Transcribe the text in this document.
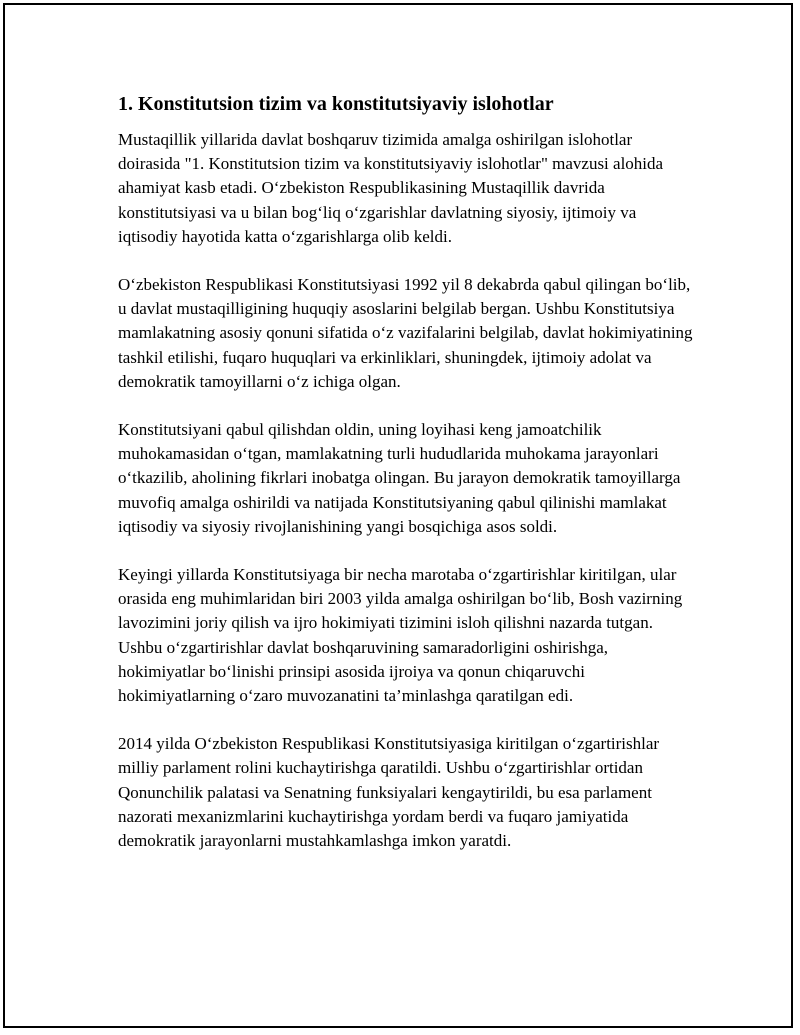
1. Konstitutsion tizim va konstitutsiyaviy islohotlar

Mustaqillik yillarida davlat boshqaruv tizimida amalga oshirilgan islohotlar doirasida "1. Konstitutsion tizim va konstitutsiyaviy islohotlar" mavzusi alohida ahamiyat kasb etadi. O‘zbekiston Respublikasining Mustaqillik davrida konstitutsiyasi va u bilan bog‘liq o‘zgarishlar davlatning siyosiy, ijtimoiy va iqtisodiy hayotida katta o‘zgarishlarga olib keldi.

O‘zbekiston Respublikasi Konstitutsiyasi 1992 yil 8 dekabrda qabul qilingan bo‘lib, u davlat mustaqilligining huquqiy asoslarini belgilab bergan. Ushbu Konstitutsiya mamlakatning asosiy qonuni sifatida o‘z vazifalarini belgilab, davlat hokimiyatining tashkil etilishi, fuqaro huquqlari va erkinliklari, shuningdek, ijtimoiy adolat va demokratik tamoyillarni o‘z ichiga olgan.

Konstitutsiyani qabul qilishdan oldin, uning loyihasi keng jamoatchilik muhokamasidan o‘tgan, mamlakatning turli hududlarida muhokama jarayonlari o‘tkazilib, aholining fikrlari inobatga olingan. Bu jarayon demokratik tamoyillarga muvofiq amalga oshirildi va natijada Konstitutsiyaning qabul qilinishi mamlakat iqtisodiy va siyosiy rivojlanishining yangi bosqichiga asos soldi.

Keyingi yillarda Konstitutsiyaga bir necha marotaba o‘zgartirishlar kiritilgan, ular orasida eng muhimlaridan biri 2003 yilda amalga oshirilgan bo‘lib, Bosh vazirning lavozimini joriy qilish va ijro hokimiyati tizimini isloh qilishni nazarda tutgan. Ushbu o‘zgartirishlar davlat boshqaruvining samaradorligini oshirishga, hokimiyatlar bo‘linishi prinsipi asosida ijroiya va qonun chiqaruvchi hokimiyatlarning o‘zaro muvozanatini ta’minlashga qaratilgan edi.

2014 yilda O‘zbekiston Respublikasi Konstitutsiyasiga kiritilgan o‘zgartirishlar milliy parlament rolini kuchaytirishga qaratildi. Ushbu o‘zgartirishlar ortidan Qonunchilik palatasi va Senatning funksiyalari kengaytirildi, bu esa parlament nazorati mexanizmlarini kuchaytirishga yordam berdi va fuqaro jamiyatida demokratik jarayonlarni mustahkamlashga imkon yaratdi.
